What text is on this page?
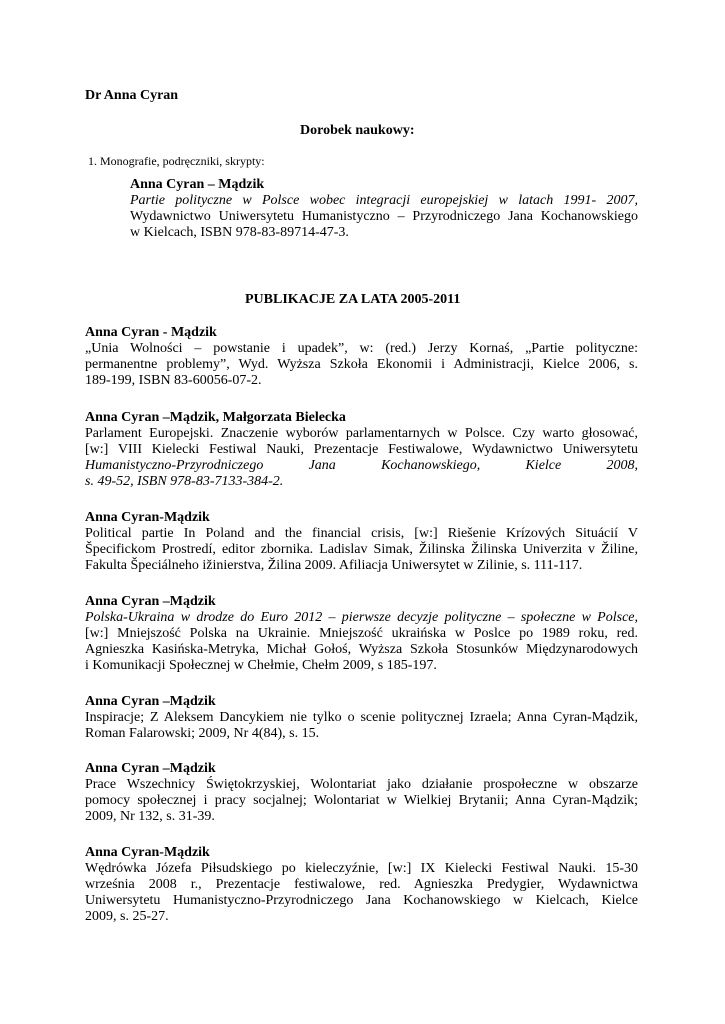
Dr Anna Cyran
Dorobek naukowy:
1. Monografie, podręczniki, skrypty:
Anna Cyran – Mądzik
Partie polityczne w Polsce wobec integracji europejskiej w latach 1991- 2007,
Wydawnictwo Uniwersytetu Humanistyczno – Przyrodniczego Jana Kochanowskiego
w Kielcach, ISBN 978-83-89714-47-3.
PUBLIKACJE ZA LATA 2005-2011
Anna Cyran - Mądzik
„Unia Wolności – powstanie i upadek”, w: (red.) Jerzy Kornaś, „Partie polityczne:
permanentne problemy”, Wyd. Wyższa Szkoła Ekonomii i Administracji, Kielce 2006, s.
189-199, ISBN 83-60056-07-2.
Anna Cyran –Mądzik, Małgorzata Bielecka
Parlament Europejski. Znaczenie wyborów parlamentarnych w Polsce. Czy warto głosować,
[w:] VIII Kielecki Festiwal Nauki, Prezentacje Festiwalowe, Wydawnictwo Uniwersytetu
Humanistyczno-Przyrodniczego Jana Kochanowskiego, Kielce 2008,
s. 49-52, ISBN 978-83-7133-384-2.
Anna Cyran-Mądzik
Political partie In Poland and the financial crisis, [w:] Riešenie Krízových Situácií V
Špecifickom Prostredí, editor zbornika. Ladislav Simak, Žilinska Žilinska Univerzita v Žiline,
Fakulta Špeciálneho ižinierstva, Žilina 2009. Afiliacja Uniwersytet w Zilinie, s. 111-117.
Anna Cyran –Mądzik
Polska-Ukraina w drodze do Euro 2012 – pierwsze decyzje polityczne – społeczne w Polsce,
[w:] Mniejszość Polska na Ukrainie. Mniejszość ukraińska w Poslce po 1989 roku, red.
Agnieszka Kasińska-Metryka, Michał Gołoś, Wyższa Szkoła Stosunków Międzynarodowych
i Komunikacji Społecznej w Chełmie, Chełm 2009, s 185-197.
Anna Cyran –Mądzik
Inspiracje; Z Aleksem Dancykiem nie tylko o scenie politycznej Izraela; Anna Cyran-Mądzik,
Roman Falarowski; 2009, Nr 4(84), s. 15.
Anna Cyran –Mądzik
Prace Wszechnicy Świętokrzyskiej, Wolontariat jako działanie prospołeczne w obszarze
pomocy społecznej i pracy socjalnej; Wolontariat w Wielkiej Brytanii; Anna Cyran-Mądzik;
2009, Nr 132, s. 31-39.
Anna Cyran-Mądzik
Wędrówka Józefa Piłsudskiego po kieleczyźnie, [w:] IX Kielecki Festiwal Nauki. 15-30
września 2008 r., Prezentacje festiwalowe, red. Agnieszka Predygier, Wydawnictwa
Uniwersytetu Humanistyczno-Przyrodniczego Jana Kochanowskiego w Kielcach, Kielce
2009, s. 25-27.
